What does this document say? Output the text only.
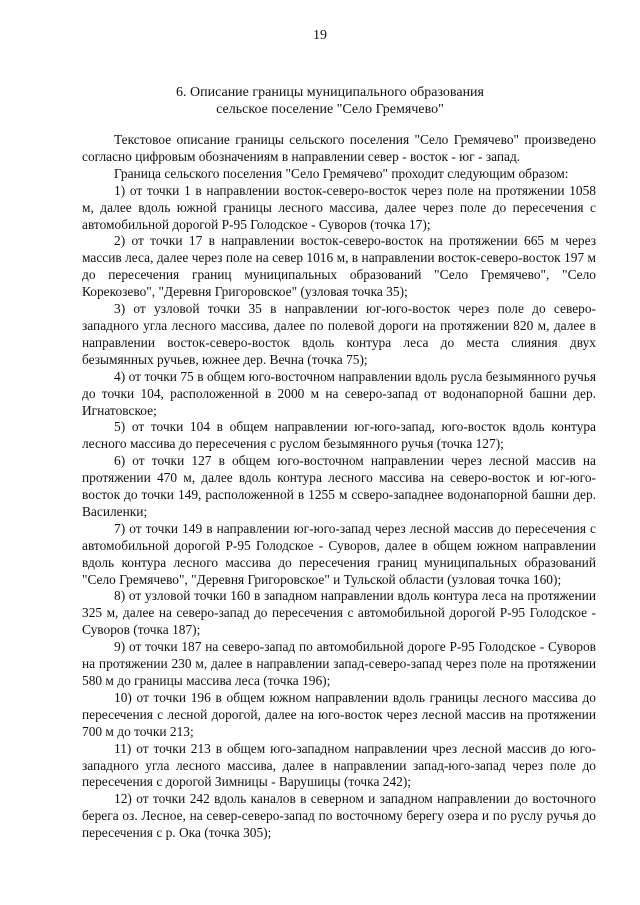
19
6. Описание границы муниципального образования
сельское поселение "Село Гремячево"

Текстовое описание границы сельского поселения "Село Гремячево" произведено согласно цифровым обозначениям в направлении север - восток - юг - запад.

Граница сельского поселения "Село Гремячево" проходит следующим образом:

1) от точки 1 в направлении восток-северо-восток через поле на протяжении 1058 м, далее вдоль южной границы лесного массива, далее через поле до пересечения с автомобильной дорогой Р-95 Голодское - Суворов (точка 17);

2) от точки 17 в направлении восток-северо-восток на протяжении 665 м через массив леса, далее через поле на север 1016 м, в направлении восток-северо-восток 197 м до пересечения границ муниципальных образований "Село Гремячево", "Село Корекозево", "Деревня Григоровское" (узловая точка 35);

3) от узловой точки 35 в направлении юг-юго-восток через поле до северо-западного угла лесного массива, далее по полевой дороги на протяжении 820 м, далее в направлении восток-северо-восток вдоль контура леса до места слияния двух безымянных ручьев, южнее дер. Вечна (точка 75);

4) от точки 75 в общем юго-восточном направлении вдоль русла безымянного ручья до точки 104, расположенной в 2000 м на северо-запад от водонапорной башни дер. Игнатовское;

5) от точки 104 в общем направлении юг-юго-запад, юго-восток вдоль контура лесного массива до пересечения с руслом безымянного ручья (точка 127);

6) от точки 127 в общем юго-восточном направлении через лесной массив на протяжении 470 м, далее вдоль контура лесного массива на северо-восток и юг-юго-восток до точки 149, расположенной в 1255 м ссверо-западнее водонапорной башни дер. Василенки;

7) от точки 149 в направлении юг-юго-запад через лесной массив до пересечения с автомобильной дорогой Р-95 Голодское - Суворов, далее в общем южном направлении вдоль контура лесного массива до пересечения границ муниципальных образований "Село Гремячево", "Деревня Григоровское" и Тульской области (узловая точка 160);

8) от узловой точки 160 в западном направлении вдоль контура леса на протяжении 325 м, далее на северо-запад до пересечения с автомобильной дорогой Р-95 Голодское - Суворов (точка 187);

9) от точки 187 на северо-запад по автомобильной дороге Р-95 Голодское - Суворов на протяжении 230 м, далее в направлении запад-северо-запад через поле на протяжении 580 м до границы массива леса (точка 196);

10) от точки 196 в общем южном направлении вдоль границы лесного массива до пересечения с лесной дорогой, далее на юго-восток через лесной массив на протяжении 700 м до точки 213;

11) от точки 213 в общем юго-западном направлении чрез лесной массив до юго-западного угла лесного массива, далее в направлении запад-юго-запад через поле до пересечения с дорогой Зимницы - Варушицы (точка 242);

12) от точки 242 вдоль каналов в северном и западном направлении до восточного берега оз. Лесное, на север-северо-запад по восточному берегу озера и по руслу ручья до пересечения с р. Ока (точка 305);
